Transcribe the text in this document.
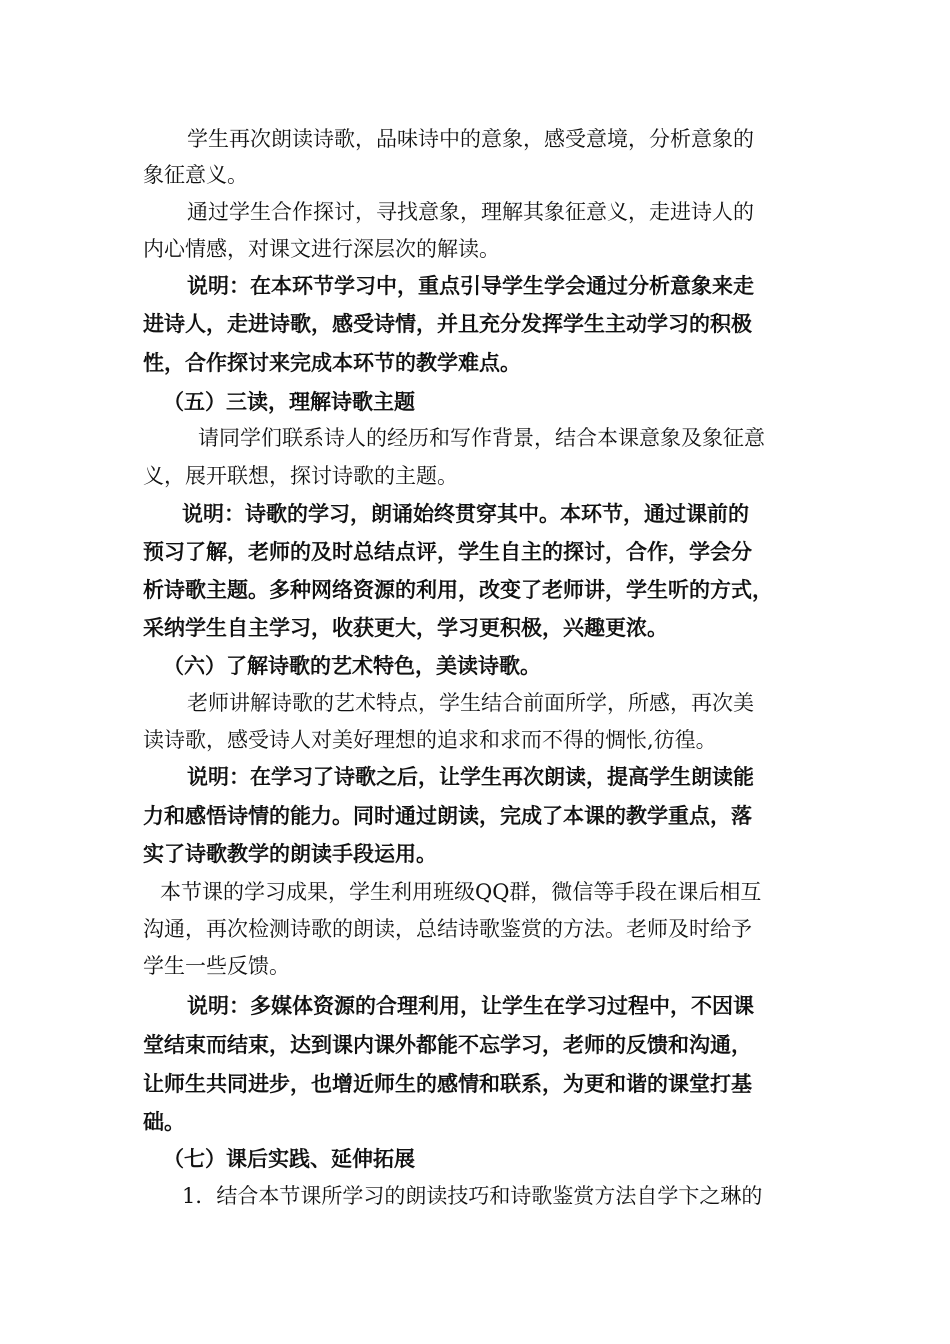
学生再次朗读诗歌，品味诗中的意象，感受意境，分析意象的
象征意义。
通过学生合作探讨，寻找意象，理解其象征意义，走进诗人的
内心情感，对课文进行深层次的解读。
说明：在本环节学习中，重点引导学生学会通过分析意象来走
进诗人，走进诗歌，感受诗情，并且充分发挥学生主动学习的积极
性，合作探讨来完成本环节的教学难点。
（五）三读，理解诗歌主题
请同学们联系诗人的经历和写作背景，结合本课意象及象征意
义，展开联想，探讨诗歌的主题。
说明：诗歌的学习，朗诵始终贯穿其中。本环节，通过课前的
预习了解，老师的及时总结点评，学生自主的探讨，合作，学会分
析诗歌主题。多种网络资源的利用，改变了老师讲，学生听的方式，
采纳学生自主学习，收获更大，学习更积极，兴趣更浓。
（六）了解诗歌的艺术特色，美读诗歌。
老师讲解诗歌的艺术特点，学生结合前面所学，所感，再次美
读诗歌，感受诗人对美好理想的追求和求而不得的惆怅,彷徨。
说明：在学习了诗歌之后，让学生再次朗读，提高学生朗读能
力和感悟诗情的能力。同时通过朗读，完成了本课的教学重点，落
实了诗歌教学的朗读手段运用。
本节课的学习成果，学生利用班级QQ群，微信等手段在课后相互
沟通，再次检测诗歌的朗读，总结诗歌鉴赏的方法。老师及时给予
学生一些反馈。
说明：多媒体资源的合理利用，让学生在学习过程中，不因课
堂结束而结束，达到课内课外都能不忘学习，老师的反馈和沟通，
让师生共同进步，也增近师生的感情和联系，为更和谐的课堂打基
础。
（七）课后实践、延伸拓展
1．结合本节课所学习的朗读技巧和诗歌鉴赏方法自学卞之琳的
